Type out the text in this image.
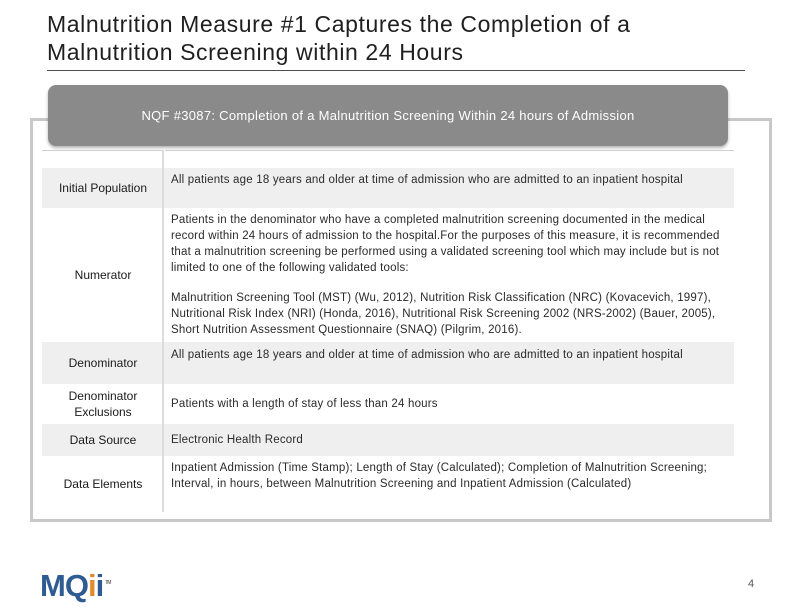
Malnutrition Measure #1 Captures the Completion of a Malnutrition Screening within 24 Hours
NQF #3087: Completion of a Malnutrition Screening Within 24 hours of Admission
Initial Population
All patients age 18 years and older at time of admission who are admitted to an inpatient hospital
Numerator
Patients in the denominator who have a completed malnutrition screening documented in the medical record within 24 hours of admission to the hospital.For the purposes of this measure, it is recommended that a malnutrition screening be performed using a validated screening tool which may include but is not limited to one of the following validated tools:
Malnutrition Screening Tool (MST) (Wu, 2012), Nutrition Risk Classification (NRC) (Kovacevich, 1997), Nutritional Risk Index (NRI) (Honda, 2016), Nutritional Risk Screening 2002 (NRS-2002) (Bauer, 2005), Short Nutrition Assessment Questionnaire (SNAQ) (Pilgrim, 2016).
Denominator
All patients age 18 years and older at time of admission who are admitted to an inpatient hospital
Denominator Exclusions
Patients with a length of stay of less than 24 hours
Data Source	Electronic Health Record
Data Elements
Inpatient Admission (Time Stamp); Length of Stay (Calculated); Completion of Malnutrition Screening; Interval, in hours, between Malnutrition Screening and Inpatient Admission (Calculated)
M Q i i TM	4
